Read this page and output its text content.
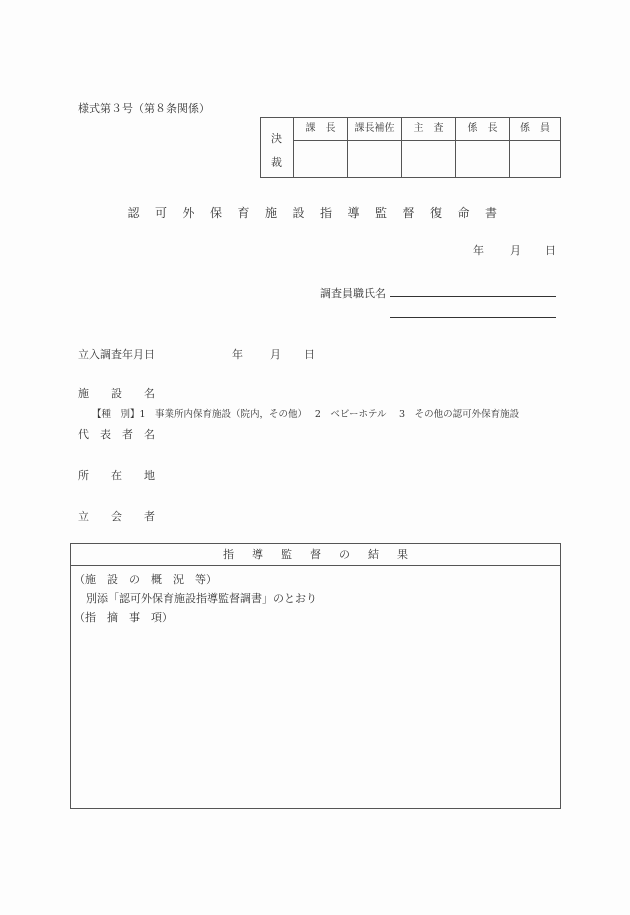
様式第３号（第８条関係）
決
裁
課　長	課長補佐	主　査	係　長	係　員
認可外保育施設指導監督復命書
年 月 日
調査員職氏名
立入調査年月日	年 月 日
施　　設　　名
【種　別】1　事業所内保育施設（院内，その他）　 2　ベビーホテル　 3　その他の認可外保育施設
代　表　者　名
所　　在　　地
立　　会　　者
指導監督の結果
（施　設　の　概　況　等）
別添「認可外保育施設指導監督調書」のとおり
（指　摘　事　項）
